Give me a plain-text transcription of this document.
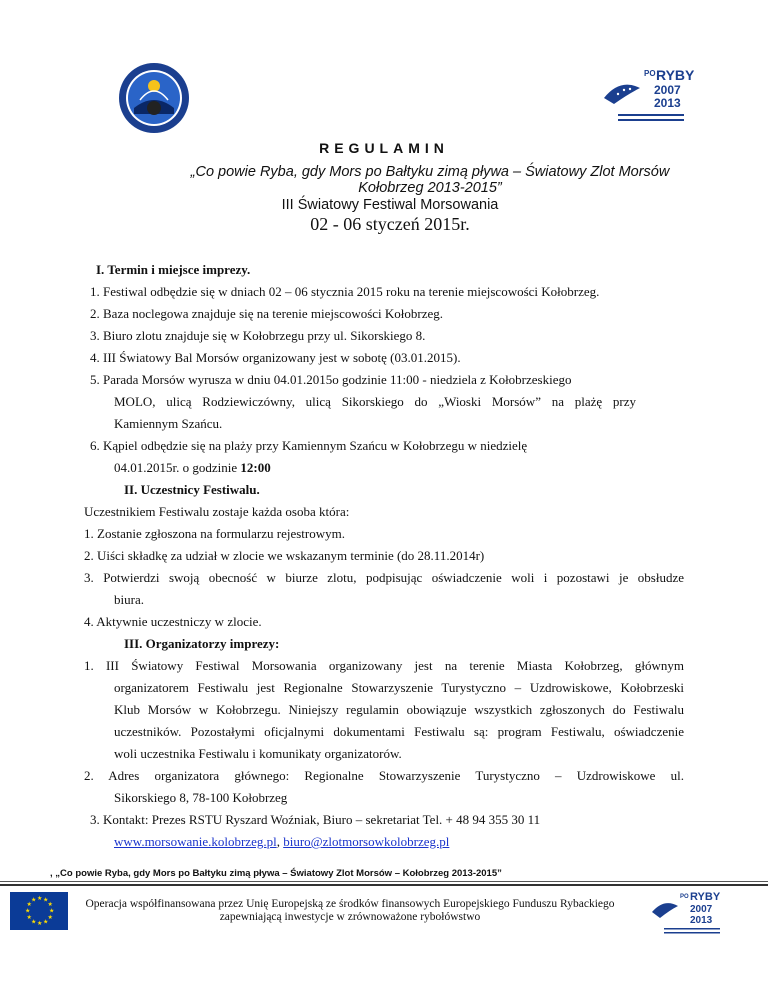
PO RYBY
2007
2013
REGULAMIN
„Co powie Ryba, gdy Mors po Bałtyku zimą pływa – Światowy Zlot Morsów
Kołobrzeg 2013-2015”
III Światowy Festiwal Morsowania
02 - 06 styczeń 2015r.
I. Termin i miejsce imprezy.
1. Festiwal odbędzie się w dniach 02 – 06 stycznia 2015 roku na terenie miejscowości Kołobrzeg.
2. Baza noclegowa znajduje się na terenie miejscowości Kołobrzeg.
3. Biuro zlotu znajduje się w Kołobrzegu przy ul. Sikorskiego 8.
4. III Światowy Bal Morsów organizowany jest w sobotę (03.01.2015).
5. Parada Morsów wyrusza w dniu 04.01.2015o godzinie 11:00 - niedziela z Kołobrzeskiego
MOLO, ulicą Rodziewiczówny, ulicą Sikorskiego do „Wioski Morsów” na plażę przy
Kamiennym Szańcu.
6. Kąpiel odbędzie się na plaży przy Kamiennym Szańcu w Kołobrzegu w niedzielę
04.01.2015r. o godzinie 12:00
II. Uczestnicy Festiwalu.
Uczestnikiem Festiwalu zostaje każda osoba która:
1. Zostanie zgłoszona na formularzu rejestrowym.
2. Uiści składkę za udział w zlocie we wskazanym terminie (do 28.11.2014r)
3. Potwierdzi swoją obecność w biurze zlotu, podpisując oświadczenie woli i pozostawi je obsłudze
biura.
4. Aktywnie uczestniczy w zlocie.
III. Organizatorzy imprezy:
1. III Światowy Festiwal Morsowania organizowany jest na terenie Miasta Kołobrzeg, głównym
organizatorem Festiwalu jest Regionalne Stowarzyszenie Turystyczno – Uzdrowiskowe, Kołobrzeski
Klub Morsów w Kołobrzegu. Niniejszy regulamin obowiązuje wszystkich zgłoszonych do Festiwalu
uczestników. Pozostałymi oficjalnymi dokumentami Festiwalu są: program Festiwalu, oświadczenie
woli uczestnika Festiwalu i komunikaty organizatorów.
2. Adres organizatora głównego: Regionalne Stowarzyszenie Turystyczno – Uzdrowiskowe ul.
Sikorskiego 8, 78-100 Kołobrzeg
3. Kontakt: Prezes RSTU Ryszard Woźniak, Biuro – sekretariat Tel. + 48 94 355 30 11
www.morsowanie.kolobrzeg.pl, biuro@zlotmorsowkolobrzeg.pl
, „Co powie Ryba, gdy Mors po Bałtyku zimą pływa – Światowy Zlot Morsów – Kołobrzeg 2013-2015”
★ ★
★
★
★
★
★
★
★
★
★
★	Operacja współfinansowana przez Unię Europejską ze środków finansowych Europejskiego Funduszu Rybackiego
zapewniającą inwestycje w zrównoważone rybołówstwo
PO RYBY
2007
2013
